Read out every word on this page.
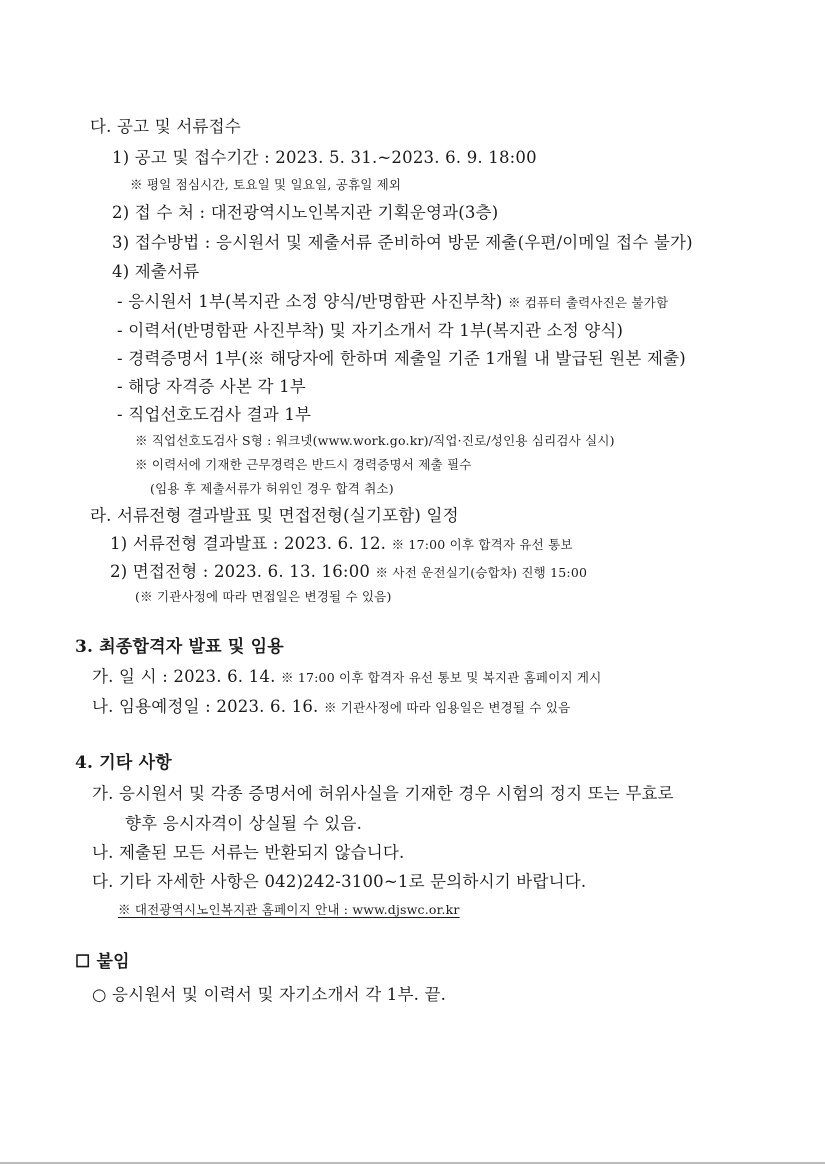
다. 공고 및 서류접수
1) 공고 및 접수기간 : 2023. 5. 31.~2023. 6. 9. 18:00
※ 평일 점심시간, 토요일 및 일요일, 공휴일 제외
2) 접 수 처 : 대전광역시노인복지관 기획운영과(3층)
3) 접수방법 : 응시원서 및 제출서류 준비하여 방문 제출(우편/이메일 접수 불가)
4) 제출서류
- 응시원서 1부(복지관 소정 양식/반명함판 사진부착) ※ 컴퓨터 출력사진은 불가함
- 이력서(반명함판 사진부착) 및 자기소개서 각 1부(복지관 소정 양식)
- 경력증명서 1부(※ 해당자에 한하며 제출일 기준 1개월 내 발급된 원본 제출)
- 해당 자격증 사본 각 1부
- 직업선호도검사 결과 1부
※ 직업선호도검사 S형 : 워크넷(www.work.go.kr)/직업·진로/성인용 심리검사 실시)
※ 이력서에 기재한 근무경력은 반드시 경력증명서 제출 필수
(임용 후 제출서류가 허위인 경우 합격 취소)
라. 서류전형 결과발표 및 면접전형(실기포함) 일정
1) 서류전형 결과발표 : 2023. 6. 12. ※ 17:00 이후 합격자 유선 통보
2) 면접전형 : 2023. 6. 13. 16:00 ※ 사전 운전실기(승합차) 진행 15:00
(※ 기관사정에 따라 면접일은 변경될 수 있음)
3. 최종합격자 발표 및 임용
가. 일 시 : 2023. 6. 14. ※ 17:00 이후 합격자 유선 통보 및 복지관 홈페이지 게시
나. 임용예정일 : 2023. 6. 16. ※ 기관사정에 따라 임용일은 변경될 수 있음
4. 기타 사항
가. 응시원서 및 각종 증명서에 허위사실을 기재한 경우 시험의 정지 또는 무효로
향후 응시자격이 상실될 수 있음.
나. 제출된 모든 서류는 반환되지 않습니다.
다. 기타 자세한 사항은 042)242-3100~1로 문의하시기 바랍니다.
※ 대전광역시노인복지관 홈페이지 안내 : www.djswc.or.kr
☐ 붙임
○ 응시원서 및 이력서 및 자기소개서 각 1부. 끝.
